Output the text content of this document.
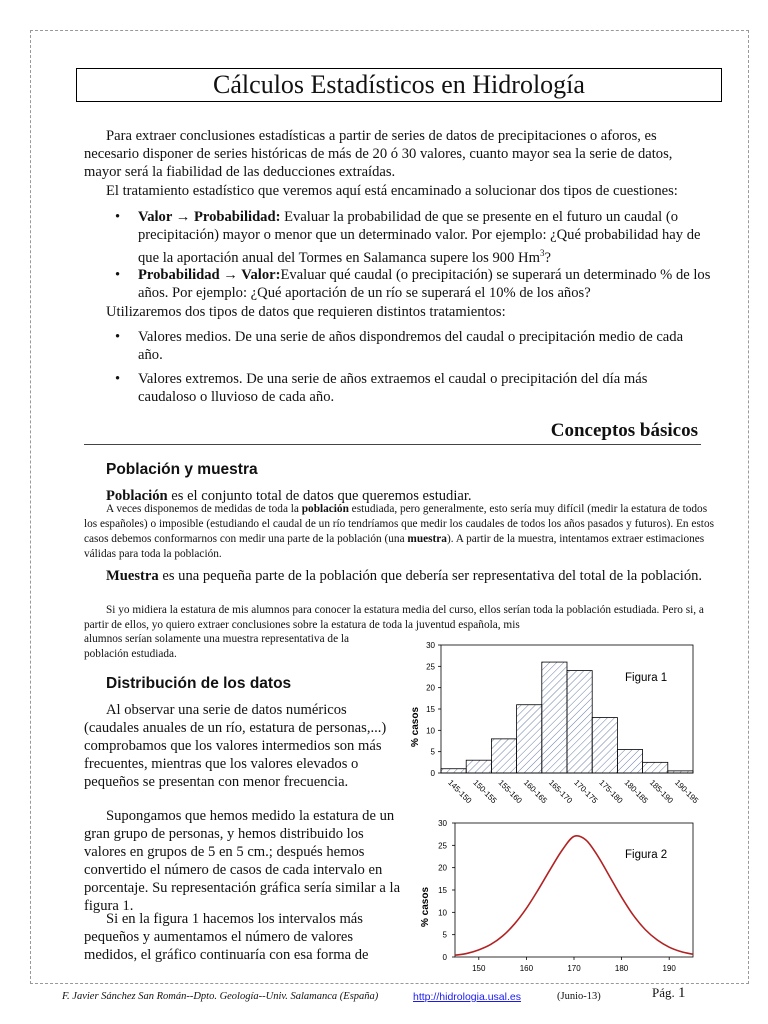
Cálculos Estadísticos en Hidrología

Para extraer conclusiones estadísticas a partir de series de datos de precipitaciones o aforos, es necesario disponer de series históricas de más de 20 ó 30 valores, cuanto mayor sea la serie de datos, mayor será la fiabilidad de las deducciones extraídas.

El tratamiento estadístico que veremos aquí está encaminado a solucionar dos tipos de cuestiones:

•	Valor → Probabilidad: Evaluar la probabilidad de que se presente en el futuro un caudal (o precipitación) mayor o menor que un determinado valor. Por ejemplo: ¿Qué probabilidad hay de que la aportación anual del Tormes en Salamanca supere los 900 Hm$^3$?
•	Probabilidad → Valor:Evaluar qué caudal (o precipitación) se superará un determinado % de los años. Por ejemplo: ¿Qué aportación de un río se superará el 10% de los años?

Utilizaremos dos tipos de datos que requieren distintos tratamientos:

•	Valores medios. De una serie de años dispondremos del caudal o precipitación medio de cada año.
•	Valores extremos. De una serie de años extraemos el caudal o precipitación del día más caudaloso o lluvioso de cada año.
Conceptos básicos
Población y muestra

Población es el conjunto total de datos que queremos estudiar.

A veces disponemos de medidas de toda la población estudiada, pero generalmente, esto sería muy difícil (medir la estatura de todos los españoles) o imposible (estudiando el caudal de un río tendríamos que medir los caudales de todos los años pasados y futuros). En estos casos debemos conformarnos con medir una parte de la población (una muestra). A partir de la muestra, intentamos extraer estimaciones válidas para toda la población.

Muestra es una pequeña parte de la población que debería ser representativa del total de la población.

Si yo midiera la estatura de mis alumnos para conocer la estatura media del curso, ellos serían toda la población estudiada. Pero si, a partir de ellos, yo quiero extraer conclusiones sobre la estatura de toda la juventud española, mis

alumnos serían solamente una muestra representativa de la

población estudiada.

Distribución de los datos

Al observar una serie de datos numéricos (caudales anuales de un río, estatura de personas,...) comprobamos que los valores intermedios son más frecuentes, mientras que los valores elevados o pequeños se presentan con menor frecuencia.

Supongamos que hemos medido la estatura de un gran grupo de personas, y hemos distribuido los valores en grupos de 5 en 5 cm.; después hemos convertido el número de casos de cada intervalo en porcentaje. Su representación gráfica sería similar a la figura 1.

Si en la figura 1 hacemos los intervalos más pequeños y aumentamos el número de valores medidos, el gráfico continuaría con esa forma de

% casos
Figura 1
145-150
150-155
155-160
160-165
165-170
170-175
175-180
180-185
185-190
190-195
0
5
10
15
20
25
30
% casos
Figura 2
150	160	170	180	190
0
5
10
15
20
25
30
F. Javier Sánchez San Román--Dpto. Geología--Univ. Salamanca (España)	http://hidrologia.usal.es	(Junio-13)	Pág. 1
